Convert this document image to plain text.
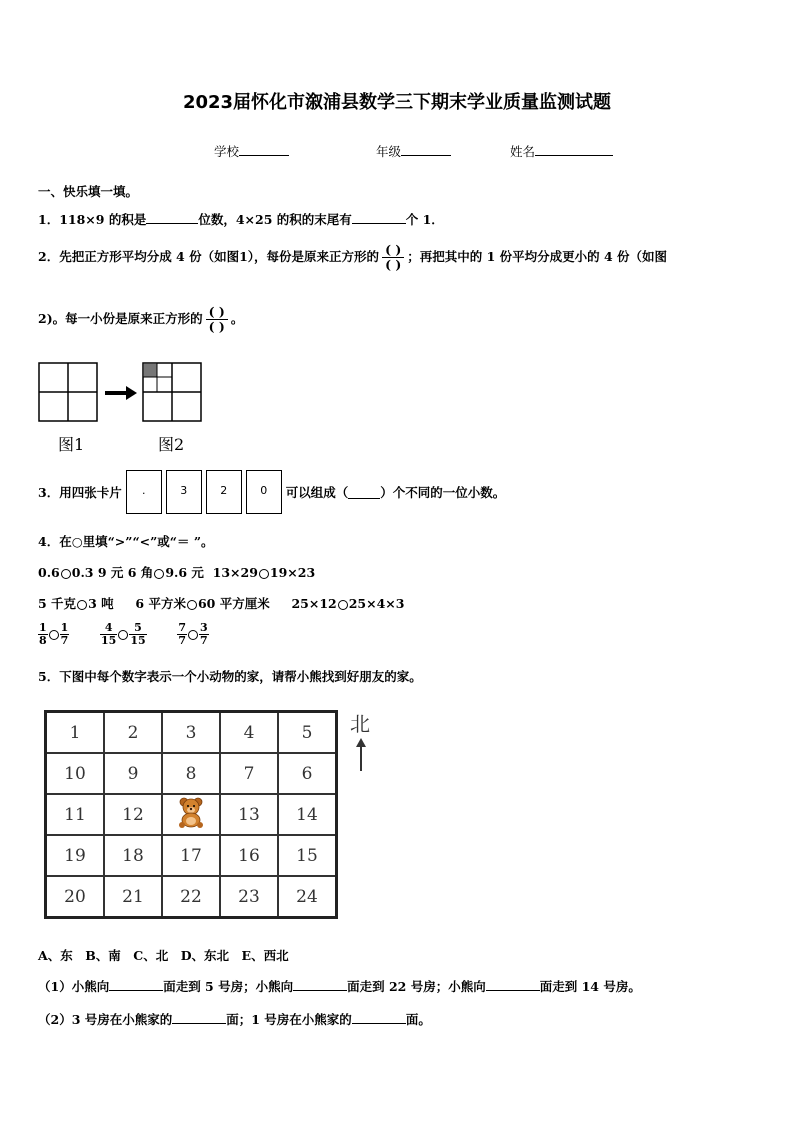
2023届怀化市溆浦县数学三下期末学业质量监测试题
学校	年级	姓名
一、快乐填一填。
1．118×9 的积是	位数，4×25 的积的末尾有	个 1．
2．先把正方形平均分成 4 份（如图1），每份是原来正方形的 $\frac{( )}{( )}$ ；再把其中的 1 份平均分成更小的 4 份（如图
2)。每一小份是原来正方形的 $\frac{( )}{( )}$ 。
图1	图2
3．用四张卡片	.	3	2	0	可以组成（	）个不同的一位小数。
4．在○里填“>”“<”或“＝ ”。
0.6 0.3 9 元 6 角 9.6 元 13×29 19×23
5 千克 3 吨 6 平方米 60 平方厘米 25×12 25×4×3
$\frac{1}{8} \frac{1}{7}$
	$\frac{4}{15} \frac{5}{15}$
	$\frac{7}{7} \frac{3}{7}$
5．下图中每个数字表示一个小动物的家，请帮小熊找到好朋友的家。
1	2	3	4	5
10	9	8	7	6
11	12		13	14
19	18	17	16	15
20	21	22	23	24
北
A、东　B、南　C、北　D、东北　E、西北
（1）小熊向	面走到 5 号房；小熊向	面走到 22 号房；小熊向	面走到 14 号房。
（2）3 号房在小熊家的	面；1 号房在小熊家的	面。
